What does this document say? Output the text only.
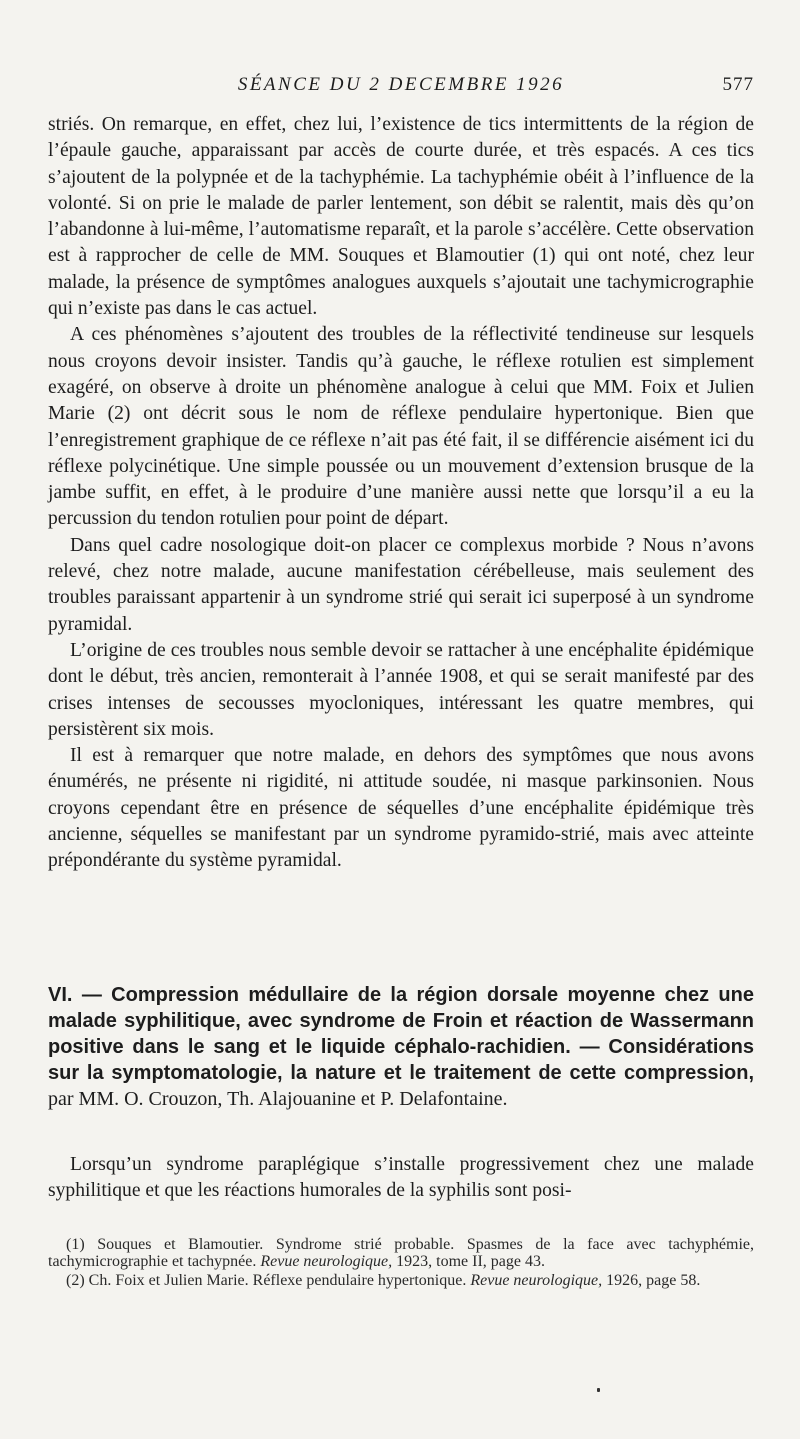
SÉANCE DU 2 DECEMBRE 1926	577

striés. On remarque, en effet, chez lui, l’existence de tics intermittents de la région de l’épaule gauche, apparaissant par accès de courte durée, et très espacés. A ces tics s’ajoutent de la polypnée et de la tachyphémie. La tachyphémie obéit à l’influence de la volonté. Si on prie le malade de parler lentement, son débit se ralentit, mais dès qu’on l’abandonne à lui-même, l’automatisme reparaît, et la parole s’accélère. Cette observation est à rapprocher de celle de MM. Souques et Blamoutier (1) qui ont noté, chez leur malade, la présence de symptômes analogues auxquels s’ajoutait une tachymicrographie qui n’existe pas dans le cas actuel.

A ces phénomènes s’ajoutent des troubles de la réflectivité tendineuse sur lesquels nous croyons devoir insister. Tandis qu’à gauche, le réflexe rotulien est simplement exagéré, on observe à droite un phénomène analogue à celui que MM. Foix et Julien Marie (2) ont décrit sous le nom de réflexe pendulaire hypertonique. Bien que l’enregistrement graphique de ce réflexe n’ait pas été fait, il se différencie aisément ici du réflexe polycinétique. Une simple poussée ou un mouvement d’extension brusque de la jambe suffit, en effet, à le produire d’une manière aussi nette que lorsqu’il a eu la percussion du tendon rotulien pour point de départ.

Dans quel cadre nosologique doit-on placer ce complexus morbide ? Nous n’avons relevé, chez notre malade, aucune manifestation cérébelleuse, mais seulement des troubles paraissant appartenir à un syndrome strié qui serait ici superposé à un syndrome pyramidal.

L’origine de ces troubles nous semble devoir se rattacher à une encéphalite épidémique dont le début, très ancien, remonterait à l’année 1908, et qui se serait manifesté par des crises intenses de secousses myocloniques, intéressant les quatre membres, qui persistèrent six mois.

Il est à remarquer que notre malade, en dehors des symptômes que nous avons énumérés, ne présente ni rigidité, ni attitude soudée, ni masque parkinsonien. Nous croyons cependant être en présence de séquelles d’une encéphalite épidémique très ancienne, séquelles se manifestant par un syndrome pyramido-strié, mais avec atteinte prépondérante du système pyramidal.

VI. — Compression médullaire de la région dorsale moyenne chez une malade syphilitique, avec syndrome de Froin et réaction de Wassermann positive dans le sang et le liquide céphalo-rachidien. — Considérations sur la symptomatologie, la nature et le traitement de cette compression, par MM. O. Crouzon, Th. Alajouanine et P. Delafontaine.

Lorsqu’un syndrome paraplégique s’installe progressivement chez une malade syphilitique et que les réactions humorales de la syphilis sont posi-

(1) Souques et Blamoutier. Syndrome strié probable. Spasmes de la face avec tachyphémie, tachymicrographie et tachypnée. Revue neurologique, 1923, tome II, page 43.

(2) Ch. Foix et Julien Marie. Réflexe pendulaire hypertonique. Revue neurologique, 1926, page 58.
